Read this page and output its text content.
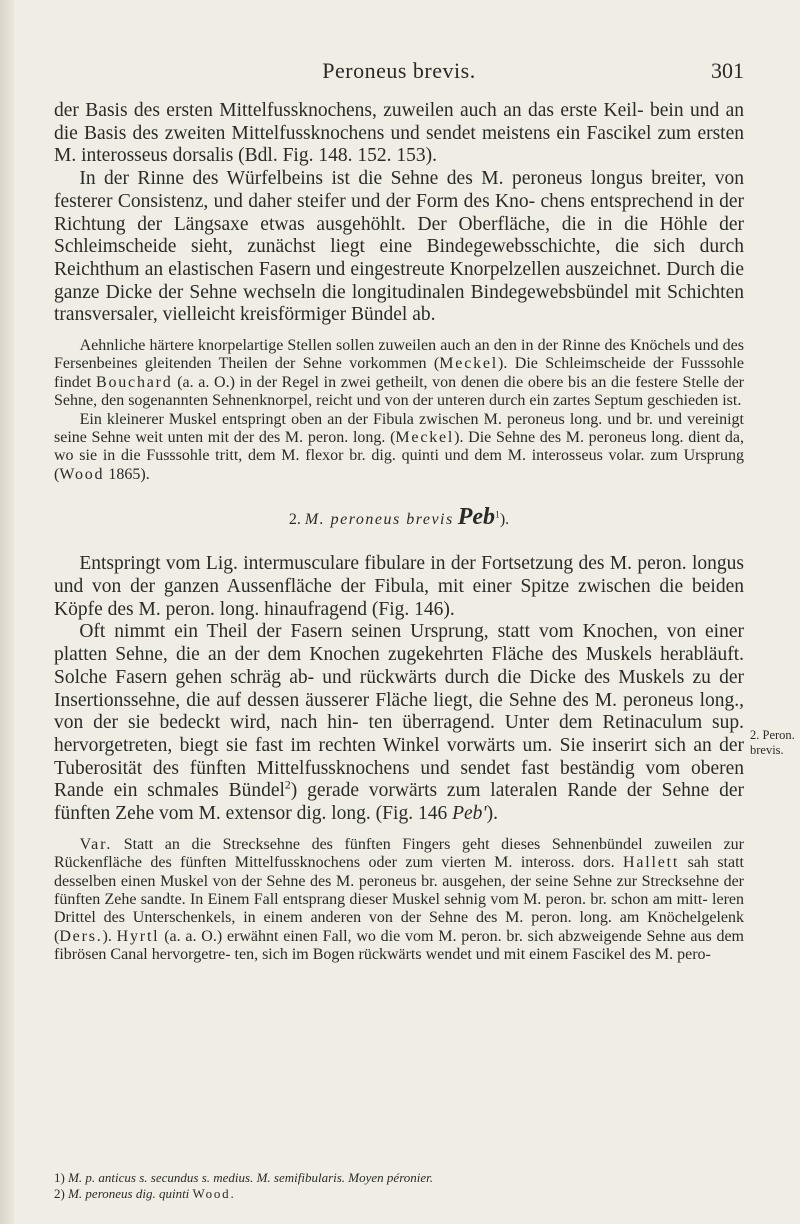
Peroneus brevis.	301
2. Peron.
brevis.

der Basis des ersten Mittelfussknochens, zuweilen auch an das erste Keil- bein und an die Basis des zweiten Mittelfussknochens und sendet meistens ein Fascikel zum ersten M. interosseus dorsalis (Bdl. Fig. 148. 152. 153).

In der Rinne des Würfelbeins ist die Sehne des M. peroneus longus breiter, von festerer Consistenz, und daher steifer und der Form des Kno- chens entsprechend in der Richtung der Längsaxe etwas ausgehöhlt. Der Oberfläche, die in die Höhle der Schleimscheide sieht, zunächst liegt eine Bindegewebsschichte, die sich durch Reichthum an elastischen Fasern und eingestreute Knorpelzellen auszeichnet. Durch die ganze Dicke der Sehne wechseln die longitudinalen Bindegewebsbündel mit Schichten transversaler, vielleicht kreisförmiger Bündel ab.

Aehnliche härtere knorpelartige Stellen sollen zuweilen auch an den in der Rinne des Knöchels und des Fersenbeines gleitenden Theilen der Sehne vorkommen (Meckel). Die Schleimscheide der Fusssohle findet Bouchard (a. a. O.) in der Regel in zwei getheilt, von denen die obere bis an die festere Stelle der Sehne, den sogenannten Sehnenknorpel, reicht und von der unteren durch ein zartes Septum geschieden ist.

Ein kleinerer Muskel entspringt oben an der Fibula zwischen M. peroneus long. und br. und vereinigt seine Sehne weit unten mit der des M. peron. long. (Meckel). Die Sehne des M. peroneus long. dient da, wo sie in die Fusssohle tritt, dem M. flexor br. dig. quinti und dem M. interosseus volar. zum Ursprung (Wood 1865).

2. M. peroneus brevis Peb$^1$).

Entspringt vom Lig. intermusculare fibulare in der Fortsetzung des M. peron. longus und von der ganzen Aussenfläche der Fibula, mit einer Spitze zwischen die beiden Köpfe des M. peron. long. hinaufragend (Fig. 146).

Oft nimmt ein Theil der Fasern seinen Ursprung, statt vom Knochen, von einer platten Sehne, die an der dem Knochen zugekehrten Fläche des Muskels herabläuft. Solche Fasern gehen schräg ab- und rückwärts durch die Dicke des Muskels zu der Insertionssehne, die auf dessen äusserer Fläche liegt, die Sehne des M. peroneus long., von der sie bedeckt wird, nach hin- ten überragend. Unter dem Retinaculum sup. hervorgetreten, biegt sie fast im rechten Winkel vorwärts um. Sie inserirt sich an der Tuberosität des fünften Mittelfussknochens und sendet fast beständig vom oberen Rande ein schmales Bündel$^2$) gerade vorwärts zum lateralen Rande der Sehne der fünften Zehe vom M. extensor dig. long. (Fig. 146 Peb').

Var. Statt an die Strecksehne des fünften Fingers geht dieses Sehnenbündel zuweilen zur Rückenfläche des fünften Mittelfussknochens oder zum vierten M. inteross. dors. Hallett sah statt desselben einen Muskel von der Sehne des M. peroneus br. ausgehen, der seine Sehne zur Strecksehne der fünften Zehe sandte. In Einem Fall entsprang dieser Muskel sehnig vom M. peron. br. schon am mitt- leren Drittel des Unterschenkels, in einem anderen von der Sehne des M. peron. long. am Knöchelgelenk (Ders.). Hyrtl (a. a. O.) erwähnt einen Fall, wo die vom M. peron. br. sich abzweigende Sehne aus dem fibrösen Canal hervorgetre- ten, sich im Bogen rückwärts wendet und mit einem Fascikel des M. pero-

1) M. p. anticus s. secundus s. medius. M. semifibularis. Moyen péronier.
2) M. peroneus dig. quinti Wood.
